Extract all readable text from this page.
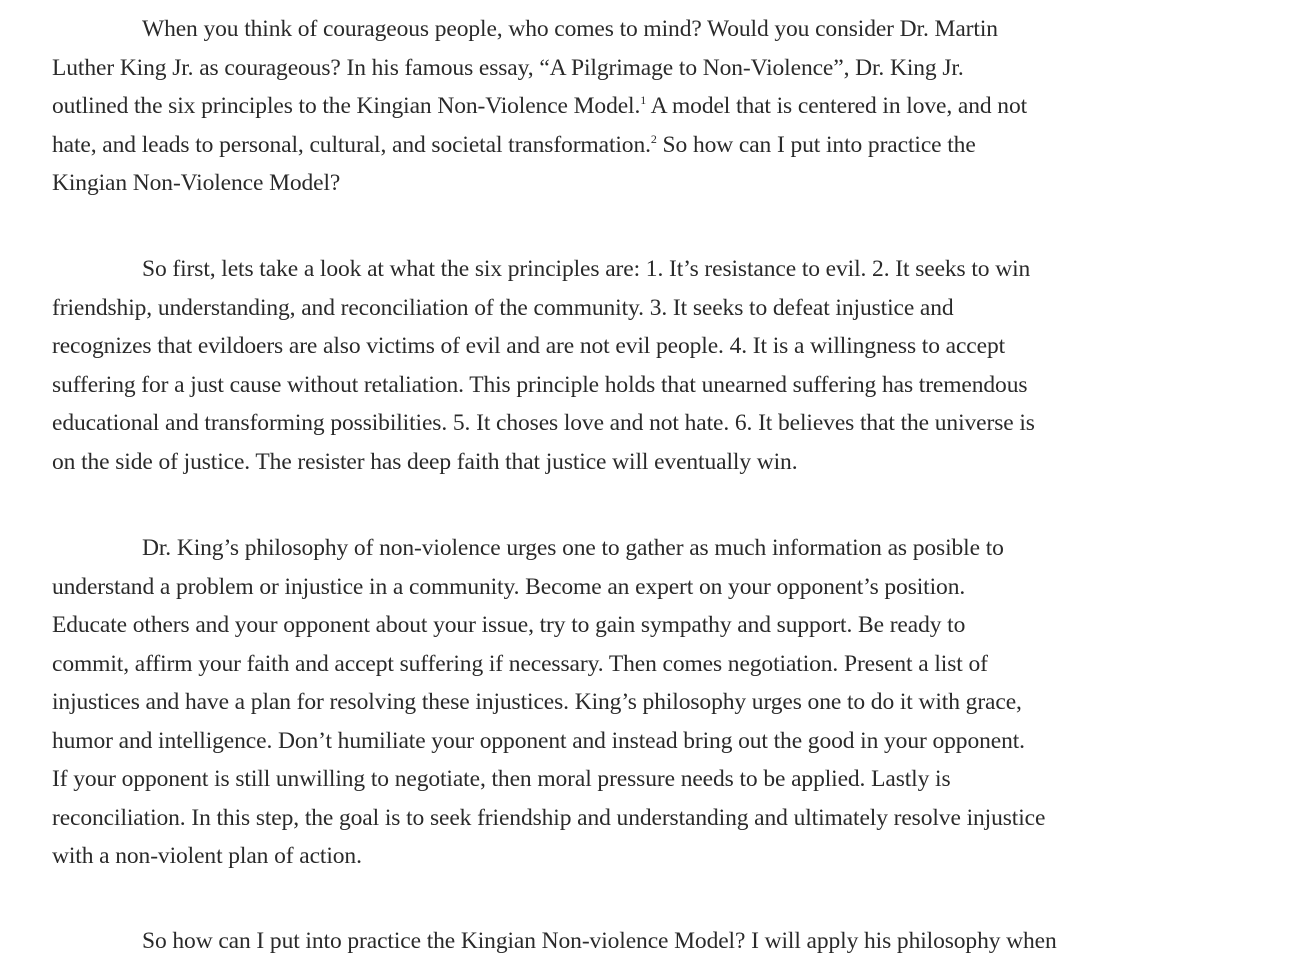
When you think of courageous people, who comes to mind? Would you consider Dr. Martin
Luther King Jr. as courageous? In his famous essay, “A Pilgrimage to Non-Violence”, Dr. King Jr.
outlined the six principles to the Kingian Non-Violence Model.$^1$ A model that is centered in love, and not
hate, and leads to personal, cultural, and societal transformation.$^2$ So how can I put into practice the
Kingian Non-Violence Model?

So first, lets take a look at what the six principles are: 1. It’s resistance to evil. 2. It seeks to win
friendship, understanding, and reconciliation of the community. 3. It seeks to defeat injustice and
recognizes that evildoers are also victims of evil and are not evil people. 4. It is a willingness to accept
suffering for a just cause without retaliation. This principle holds that unearned suffering has tremendous
educational and transforming possibilities. 5. It choses love and not hate. 6. It believes that the universe is
on the side of justice. The resister has deep faith that justice will eventually win.

Dr. King’s philosophy of non-violence urges one to gather as much information as posible to
understand a problem or injustice in a community. Become an expert on your opponent’s position.
Educate others and your opponent about your issue, try to gain sympathy and support. Be ready to
commit, affirm your faith and accept suffering if necessary. Then comes negotiation. Present a list of
injustices and have a plan for resolving these injustices. King’s philosophy urges one to do it with grace,
humor and intelligence. Don’t humiliate your opponent and instead bring out the good in your opponent.
If your opponent is still unwilling to negotiate, then moral pressure needs to be applied. Lastly is
reconciliation. In this step, the goal is to seek friendship and understanding and ultimately resolve injustice
with a non-violent plan of action.

So how can I put into practice the Kingian Non-violence Model? I will apply his philosophy when
